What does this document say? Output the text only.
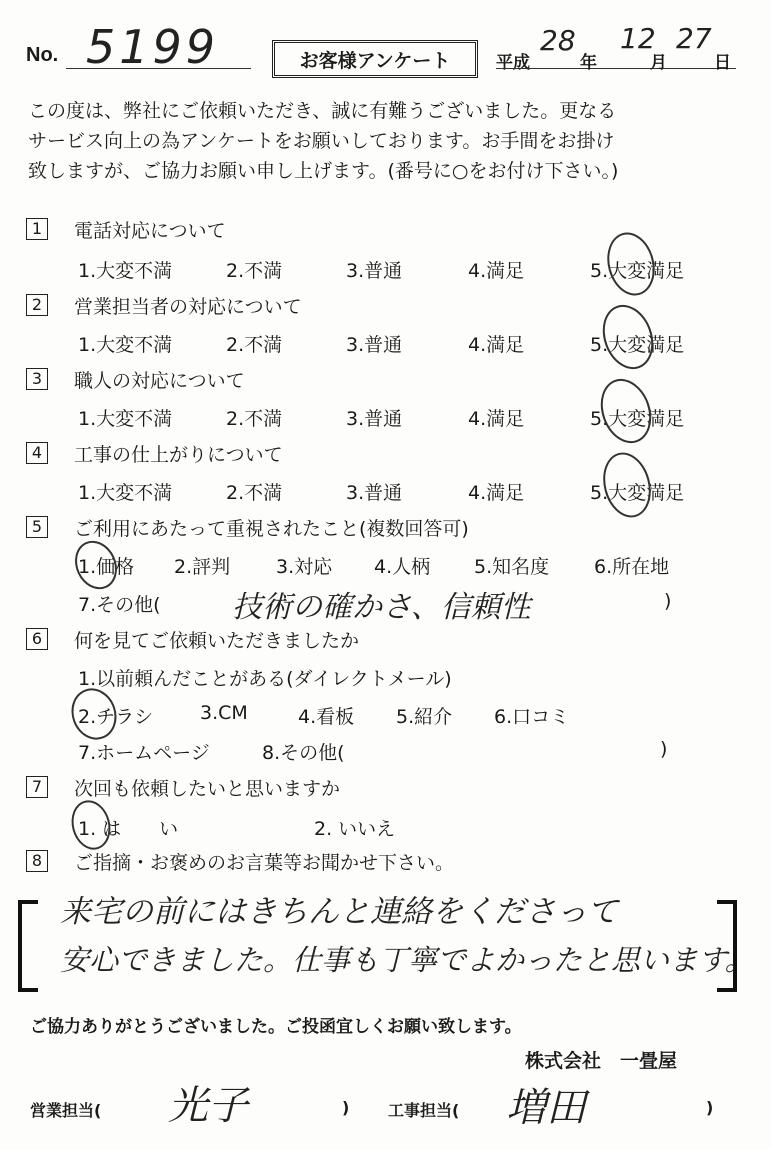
No. 5199	お客様アンケート	平成
28
年
12
月
27
日
この度は、弊社にご依頼いただき、誠に有難うございました。更なる
サービス向上の為アンケートをお願いしております。お手間をお掛け
致しますが、ご協力お願い申し上げます。(番号に○をお付け下さい。)
1	電話対応について
1.大変不満	2.不満	3.普通	4.満足	5.大変満足
2	営業担当者の対応について
1.大変不満	2.不満	3.普通	4.満足	5.大変満足
3	職人の対応について
1.大変不満	2.不満	3.普通	4.満足	5.大変満足
4	工事の仕上がりについて
1.大変不満	2.不満	3.普通	4.満足	5.大変満足
5	ご利用にあたって重視されたこと(複数回答可)
1.価格 2.評判 3.対応 4.人柄 5.知名度 6.所在地
7.その他( 技術の確かさ、信頼性	)
6	何を見てご依頼いただきましたか
1.以前頼んだことがある(ダイレクトメール)
2.チラシ 3.CM	4.看板 5.紹介 6.口コミ
7.ホームページ	8.その他(	)
7	次回も依頼したいと思いますか
1. は　　い	2. いいえ
8	ご指摘・お褒めのお言葉等お聞かせ下さい。
来宅の前にはきちんと連絡をくださって
安心できました。仕事も丁寧でよかったと思います。
ご協力ありがとうございました。ご投函宜しくお願い致します。
株式会社　一畳屋
営業担当( 光子	) 工事担当( 増田	)
